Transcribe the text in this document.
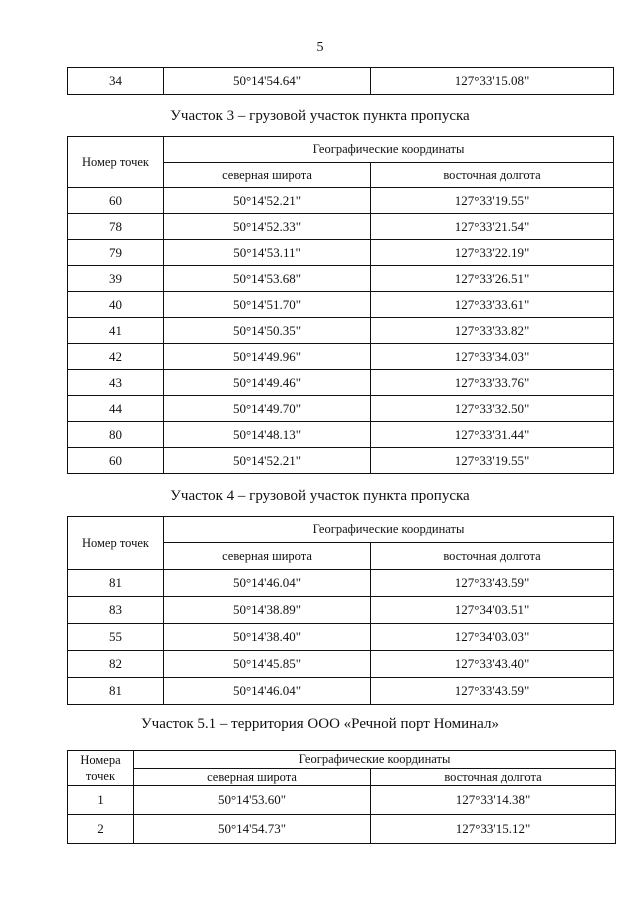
5
34	50°14'54.64"	127°33'15.08"
Участок 3 – грузовой участок пункта пропуска
Номер точек	Географические координаты	
	северная широта	восточная долгота
60	50°14'52.21"	127°33'19.55"
78	50°14'52.33"	127°33'21.54"
79	50°14'53.11"	127°33'22.19"
39	50°14'53.68"	127°33'26.51"
40	50°14'51.70"	127°33'33.61"
41	50°14'50.35"	127°33'33.82"
42	50°14'49.96"	127°33'34.03"
43	50°14'49.46"	127°33'33.76"
44	50°14'49.70"	127°33'32.50"
80	50°14'48.13"	127°33'31.44"
60	50°14'52.21"	127°33'19.55"
Участок 4 – грузовой участок пункта пропуска
Номер точек	Географические координаты	
	северная широта	восточная долгота
81	50°14'46.04"	127°33'43.59"
83	50°14'38.89"	127°34'03.51"
55	50°14'38.40"	127°34'03.03"
82	50°14'45.85"	127°33'43.40"
81	50°14'46.04"	127°33'43.59"
Участок 5.1 – территория ООО «Речной порт Номинал»
Номера точек	Географические координаты	
	северная широта	восточная долгота
1	50°14'53.60"	127°33'14.38"
2	50°14'54.73"	127°33'15.12"
